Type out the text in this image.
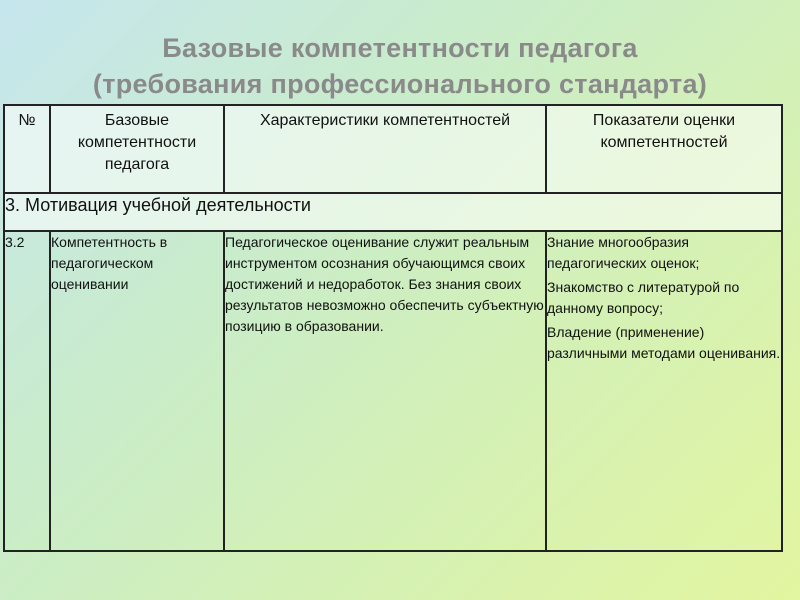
Базовые компетентности педагога
(требования профессионального стандарта)
№	Базовые компетентности педагога	Характеристики компетентностей	Показатели оценки компетентностей
3. Мотивация учебной деятельности			
3.2	Компетентность в педагогическом оценивании	Педагогическое оценивание служит реальным инструментом осознания обучающимся своих достижений и недоработок. Без знания своих результатов невозможно обеспечить субъектную позицию в образовании.	Знание многообразия педагогических оценок;
Знакомство с литературой по данному вопросу;
Владение (применение) различными методами оценивания.
